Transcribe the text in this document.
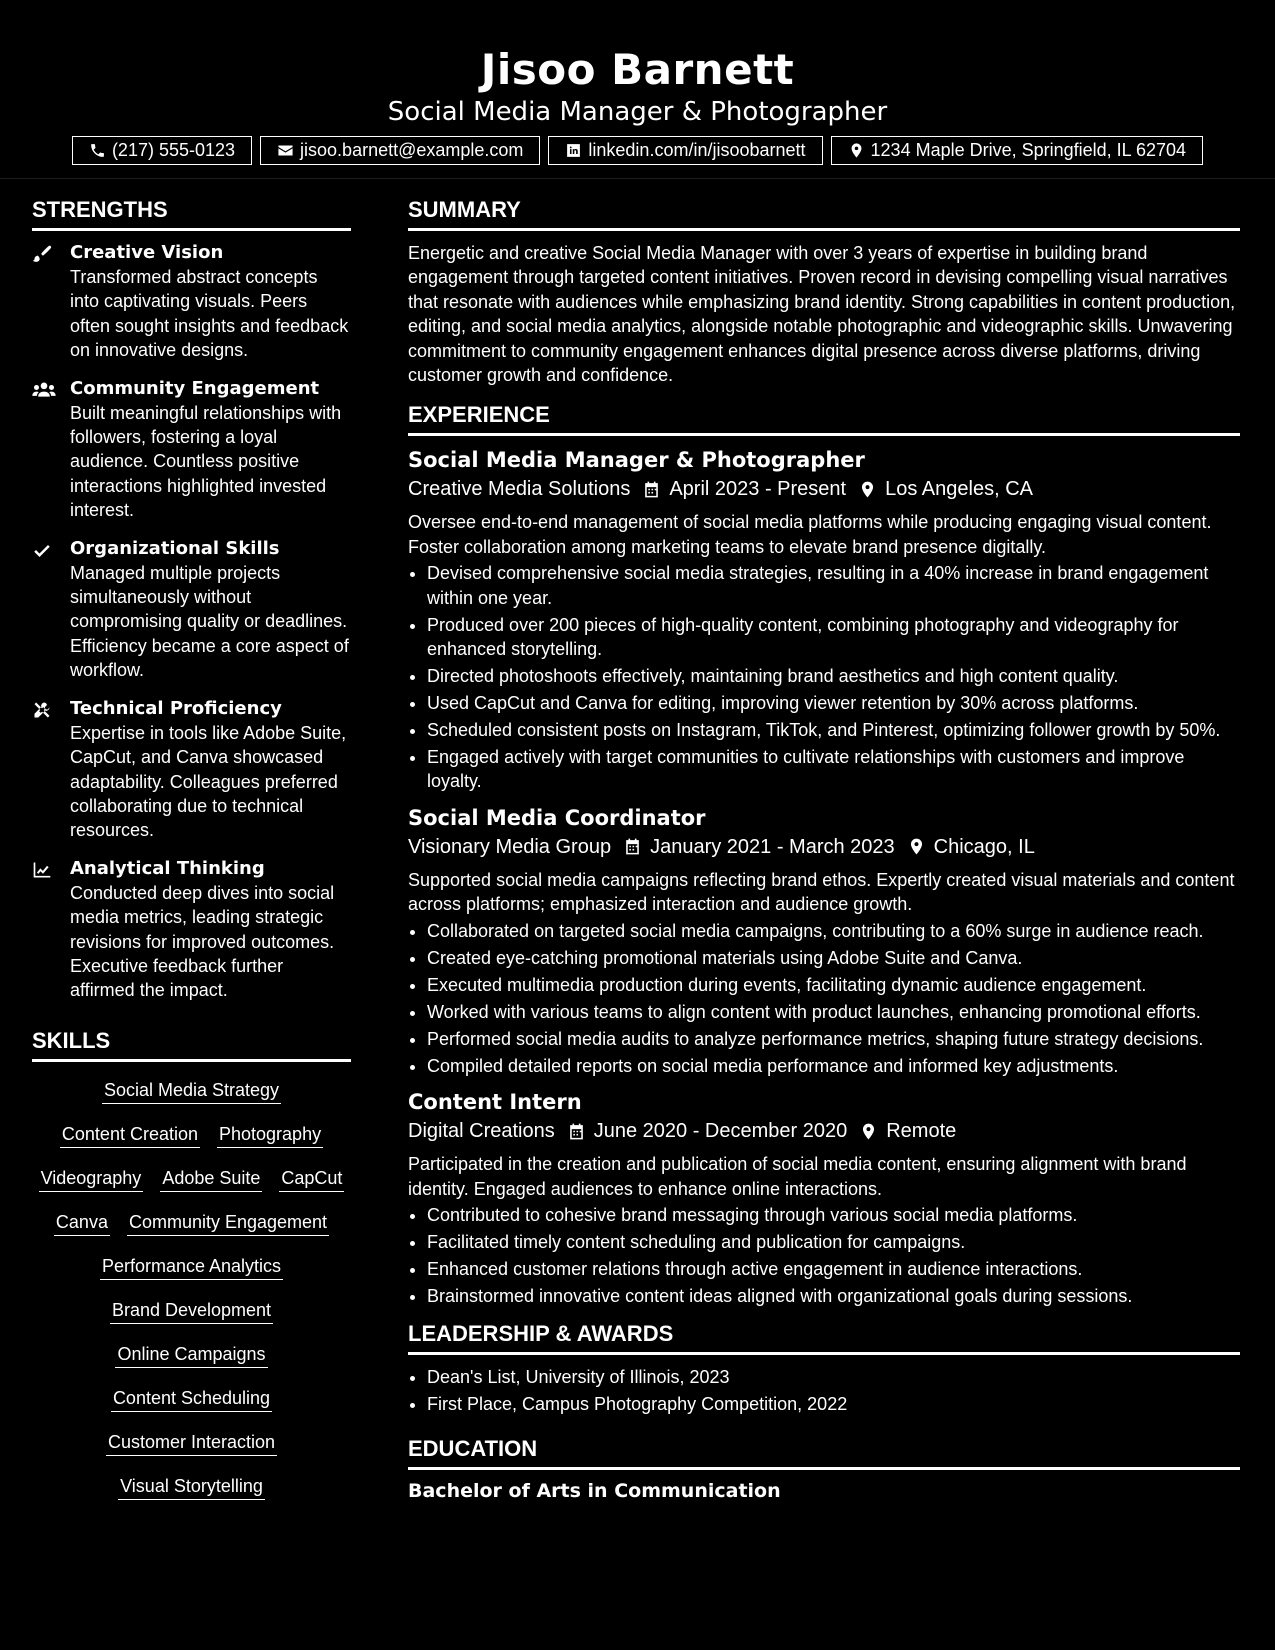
Jisoo Barnett
Social Media Manager & Photographer
(217) 555-0123	jisoo.barnett@example.com	linkedin.com/in/jisoobarnett	1234 Maple Drive, Springfield, IL 62704
STRENGTHS
Creative Vision
Transformed abstract concepts into captivating visuals. Peers often sought insights and feedback on innovative designs.
Community Engagement
Built meaningful relationships with followers, fostering a loyal audience. Countless positive interactions highlighted invested interest.
Organizational Skills
Managed multiple projects simultaneously without compromising quality or deadlines. Efficiency became a core aspect of workflow.
Technical Proficiency
Expertise in tools like Adobe Suite, CapCut, and Canva showcased adaptability. Colleagues preferred collaborating due to technical resources.
Analytical Thinking
Conducted deep dives into social media metrics, leading strategic revisions for improved outcomes. Executive feedback further affirmed the impact.
SKILLS
Social Media Strategy
Content Creation Photography
Videography Adobe Suite CapCut
Canva Community Engagement
Performance Analytics
Brand Development
Online Campaigns
Content Scheduling
Customer Interaction
Visual Storytelling
SUMMARY
Energetic and creative Social Media Manager with over 3 years of expertise in building brand engagement through targeted content initiatives. Proven record in devising compelling visual narratives that resonate with audiences while emphasizing brand identity. Strong capabilities in content production, editing, and social media analytics, alongside notable photographic and videographic skills. Unwavering commitment to community engagement enhances digital presence across diverse platforms, driving customer growth and confidence.
EXPERIENCE
Social Media Manager & Photographer
Creative Media Solutions April 2023 - Present Los Angeles, CA
Oversee end-to-end management of social media platforms while producing engaging visual content. Foster collaboration among marketing teams to elevate brand presence digitally.
• Devised comprehensive social media strategies, resulting in a 40% increase in brand engagement within one year.
• Produced over 200 pieces of high-quality content, combining photography and videography for enhanced storytelling.
• Directed photoshoots effectively, maintaining brand aesthetics and high content quality.
• Used CapCut and Canva for editing, improving viewer retention by 30% across platforms.
• Scheduled consistent posts on Instagram, TikTok, and Pinterest, optimizing follower growth by 50%.
• Engaged actively with target communities to cultivate relationships with customers and improve loyalty.
Social Media Coordinator
Visionary Media Group January 2021 - March 2023 Chicago, IL
Supported social media campaigns reflecting brand ethos. Expertly created visual materials and content across platforms; emphasized interaction and audience growth.
• Collaborated on targeted social media campaigns, contributing to a 60% surge in audience reach.
• Created eye-catching promotional materials using Adobe Suite and Canva.
• Executed multimedia production during events, facilitating dynamic audience engagement.
• Worked with various teams to align content with product launches, enhancing promotional efforts.
• Performed social media audits to analyze performance metrics, shaping future strategy decisions.
• Compiled detailed reports on social media performance and informed key adjustments.
Content Intern
Digital Creations June 2020 - December 2020 Remote
Participated in the creation and publication of social media content, ensuring alignment with brand identity. Engaged audiences to enhance online interactions.
• Contributed to cohesive brand messaging through various social media platforms.
• Facilitated timely content scheduling and publication for campaigns.
• Enhanced customer relations through active engagement in audience interactions.
• Brainstormed innovative content ideas aligned with organizational goals during sessions.
LEADERSHIP & AWARDS
• Dean's List, University of Illinois, 2023
• First Place, Campus Photography Competition, 2022
EDUCATION
Bachelor of Arts in Communication
